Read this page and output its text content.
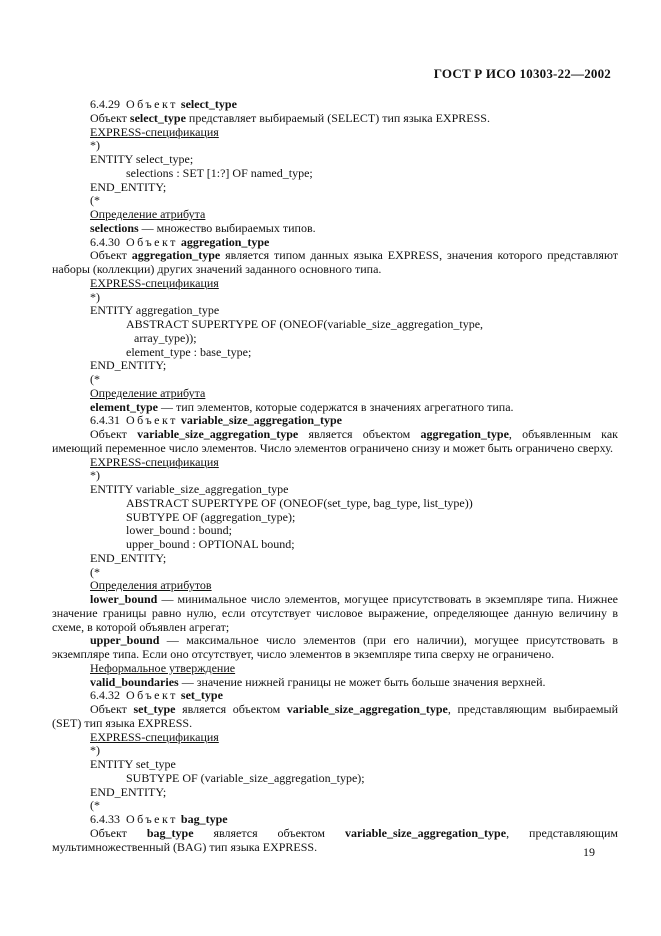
ГОСТ Р ИСО 10303-22—2002
6.4.29 Объект select_type
Объект select_type представляет выбираемый (SELECT) тип языка EXPRESS.
EXPRESS-спецификация
*)
ENTITY select_type;
selections : SET [1:?] OF named_type;
END_ENTITY;
(*
Определение атрибута
selections — множество выбираемых типов.
6.4.30 Объект aggregation_type
Объект aggregation_type является типом данных языка EXPRESS, значения которого представляют наборы (коллекции) других значений заданного основного типа.
EXPRESS-спецификация
*)
ENTITY aggregation_type
ABSTRACT SUPERTYPE OF (ONEOF(variable_size_aggregation_type,
array_type));
element_type : base_type;
END_ENTITY;
(*
Определение атрибута
element_type — тип элементов, которые содержатся в значениях агрегатного типа.
6.4.31 Объект variable_size_aggregation_type
Объект variable_size_aggregation_type является объектом aggregation_type, объявленным как имеющий переменное число элементов. Число элементов ограничено снизу и может быть ограничено сверху.
EXPRESS-спецификация
*)
ENTITY variable_size_aggregation_type
ABSTRACT SUPERTYPE OF (ONEOF(set_type, bag_type, list_type))
SUBTYPE OF (aggregation_type);
lower_bound : bound;
upper_bound : OPTIONAL bound;
END_ENTITY;
(*
Определения атрибутов
lower_bound — минимальное число элементов, могущее присутствовать в экземпляре типа. Нижнее значение границы равно нулю, если отсутствует числовое выражение, определяющее данную величину в схеме, в которой объявлен агрегат;
upper_bound — максимальное число элементов (при его наличии), могущее присутствовать в экземпляре типа. Если оно отсутствует, число элементов в экземпляре типа сверху не ограничено.
Неформальное утверждение
valid_boundaries — значение нижней границы не может быть больше значения верхней.
6.4.32 Объект set_type
Объект set_type является объектом variable_size_aggregation_type, представляющим выбираемый (SET) тип языка EXPRESS.
EXPRESS-спецификация
*)
ENTITY set_type
SUBTYPE OF (variable_size_aggregation_type);
END_ENTITY;
(*
6.4.33 Объект bag_type
Объект bag_type является объектом variable_size_aggregation_type, представляющим мультимножественный (BAG) тип языка EXPRESS.	19
